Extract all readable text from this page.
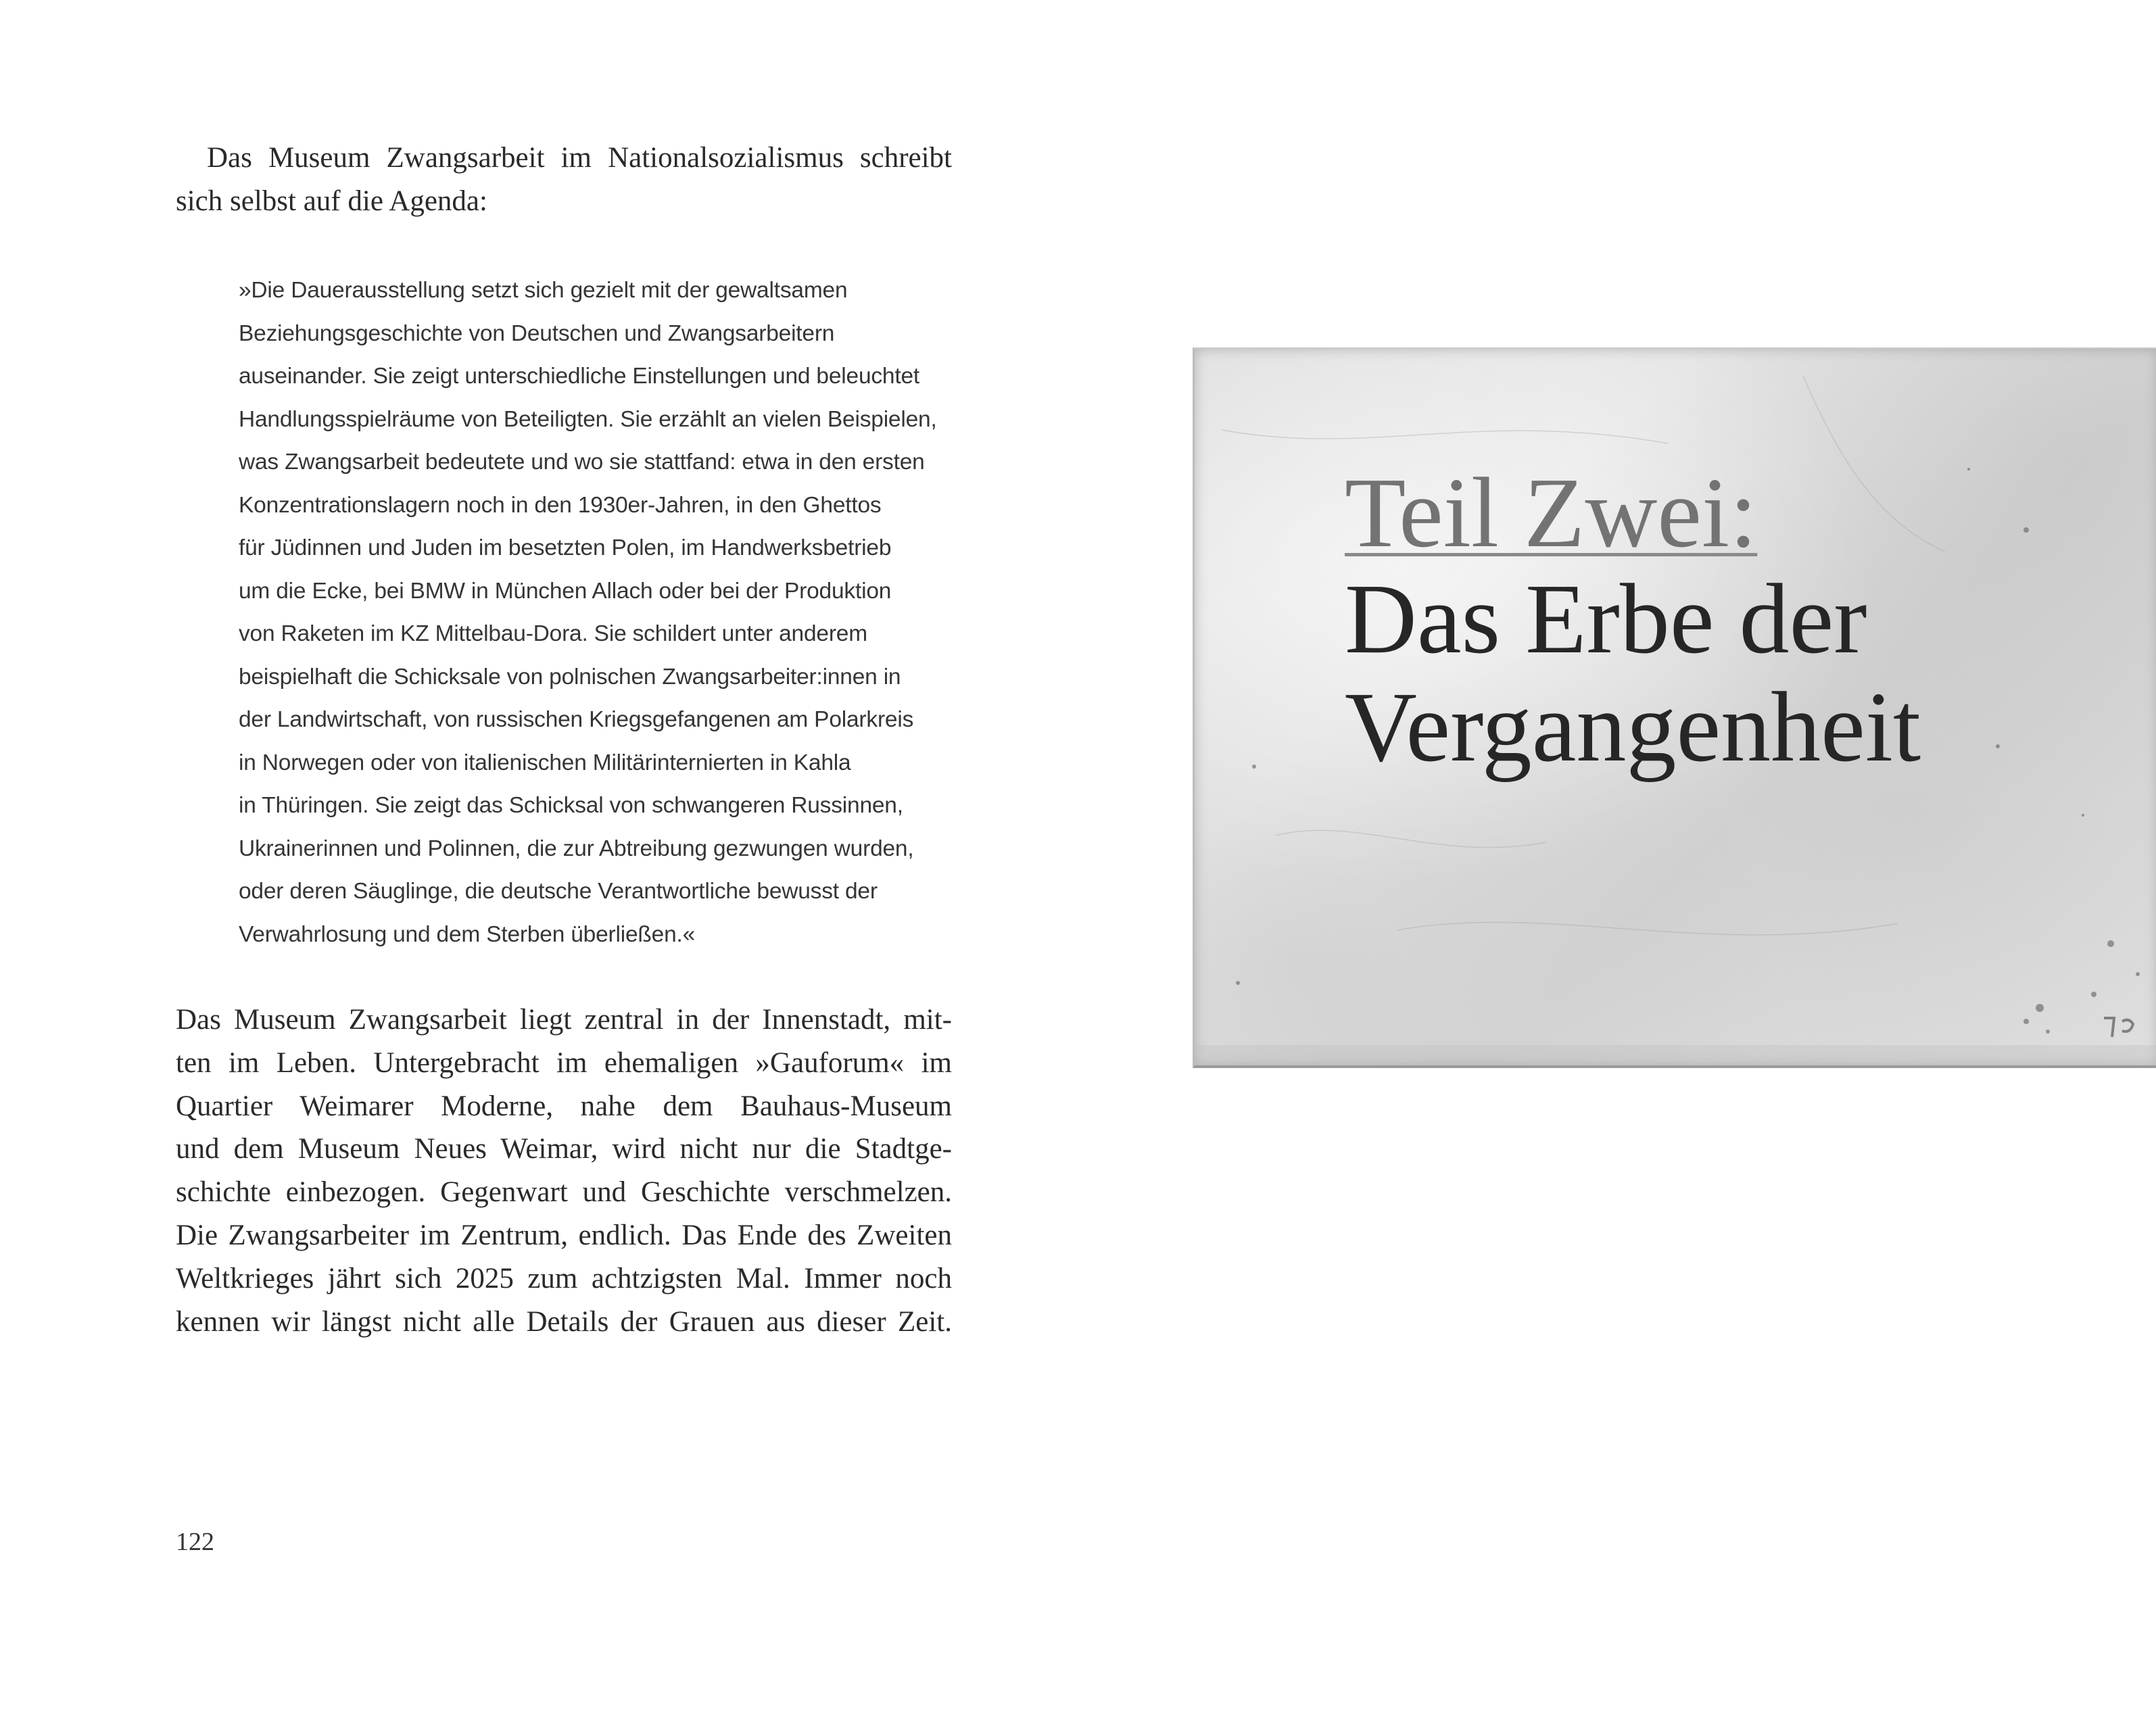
Das Museum Zwangsarbeit im Nationalsozialismus schreibt sich selbst auf die Agenda:

»Die Dauerausstellung setzt sich gezielt mit der gewaltsamen
Beziehungsgeschichte von Deutschen und Zwangsarbeitern
auseinander. Sie zeigt unterschiedliche Einstellungen und beleuchtet
Handlungsspielräume von Beteiligten. Sie erzählt an vielen Beispielen,
was Zwangsarbeit bedeutete und wo sie stattfand: etwa in den ersten
Konzentrationslagern noch in den 1930er-Jahren, in den Ghettos
für Jüdinnen und Juden im besetzten Polen, im Handwerksbetrieb
um die Ecke, bei BMW in München Allach oder bei der Produktion
von Raketen im KZ Mittelbau-Dora. Sie schildert unter anderem
beispielhaft die Schicksale von polnischen Zwangsarbeiter:innen in
der Landwirtschaft, von russischen Kriegsgefangenen am Polarkreis
in Norwegen oder von italienischen Militärinternierten in Kahla
in Thüringen. Sie zeigt das Schicksal von schwangeren Russinnen,
Ukrainerinnen und Polinnen, die zur Abtreibung gezwungen wurden,
oder deren Säuglinge, die deutsche Verantwortliche bewusst der
Verwahrlosung und dem Sterben überließen.«

Das Museum Zwangsarbeit liegt zentral in der Innenstadt, mit-
ten im Leben. Untergebracht im ehemaligen »Gauforum« im
Quartier Weimarer Moderne, nahe dem Bauhaus-Museum
und dem Museum Neues Weimar, wird nicht nur die Stadtge-
schichte einbezogen. Gegenwart und Geschichte verschmelzen.
Die Zwangsarbeiter im Zentrum, endlich. Das Ende des Zweiten
Weltkrieges jährt sich 2025 zum achtzigsten Mal. Immer noch
kennen wir längst nicht alle Details der Grauen aus dieser Zeit.

122

Teil Zwei:

Das Erbe der
Vergangenheit
